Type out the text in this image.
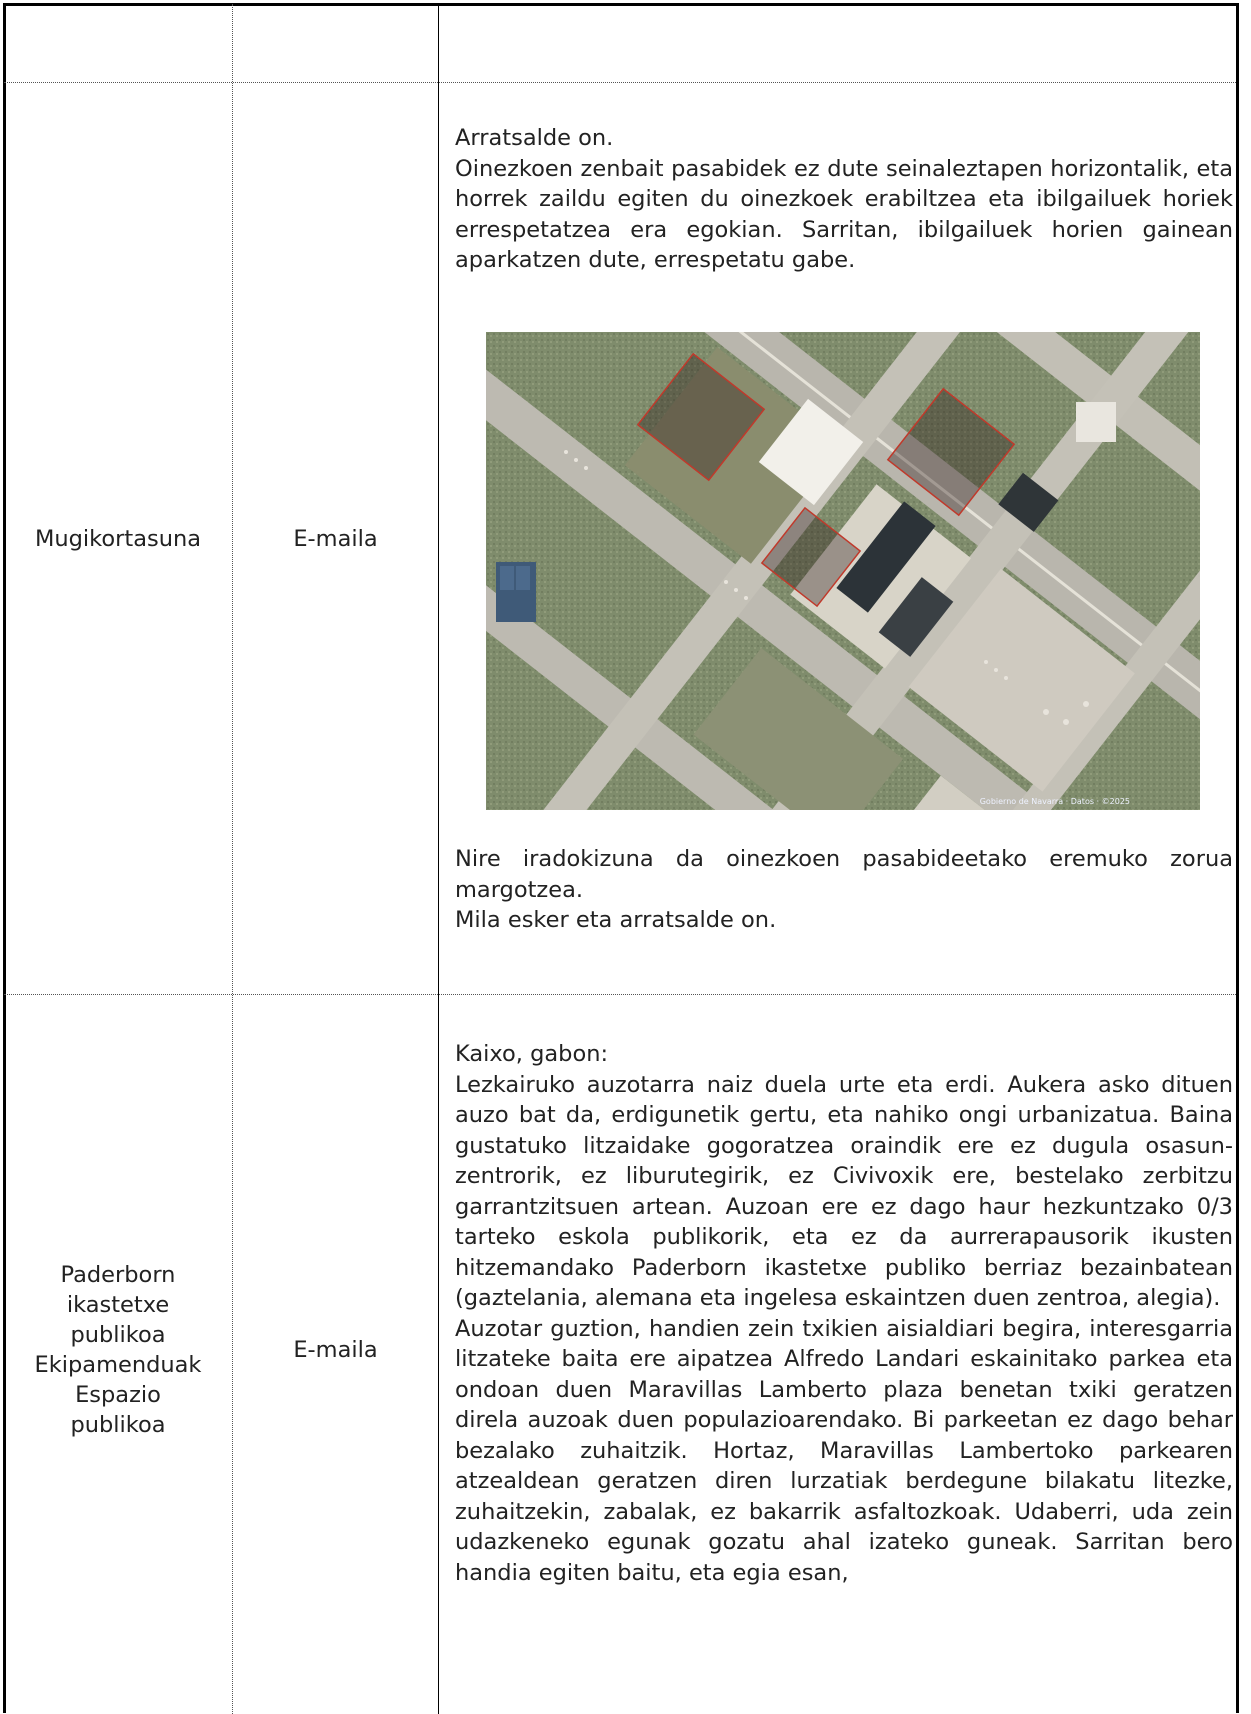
Mugikortasuna	E-maila

Arratsalde on.

Oinezkoen zenbait pasabidek ez dute seinaleztapen horizontalik, eta horrek zaildu egiten du oinezkoek erabiltzea eta ibilgailuek horiek errespetatzea era egokian. Sarritan, ibilgailuek horien gainean aparkatzen dute, errespetatu gabe.

Gobierno de Navarra · Datos · ©2025

Nire iradokizuna da oinezkoen pasabideetako eremuko zorua margotzea.

Mila esker eta arratsalde on.

Paderborn
ikastetxe
publikoa
Ekipamenduak
Espazio
publikoa
E-maila

Kaixo, gabon:

Lezkairuko auzotarra naiz duela urte eta erdi. Aukera asko dituen auzo bat da, erdigunetik gertu, eta nahiko ongi urbanizatua. Baina gustatuko litzaidake gogoratzea oraindik ere ez dugula osasun-zentrorik, ez liburutegirik, ez Civivoxik ere, bestelako zerbitzu garrantzitsuen artean. Auzoan ere ez dago haur hezkuntzako 0/3 tarteko eskola publikorik, eta ez da aurrerapausorik ikusten hitzemandako Paderborn ikastetxe publiko berriaz bezainbatean (gaztelania, alemana eta ingelesa eskaintzen duen zentroa, alegia).

Auzotar guztion, handien zein txikien aisialdiari begira, interesgarria litzateke baita ere aipatzea Alfredo Landari eskainitako parkea eta ondoan duen Maravillas Lamberto plaza benetan txiki geratzen direla auzoak duen populazioarendako. Bi parkeetan ez dago behar bezalako zuhaitzik. Hortaz, Maravillas Lambertoko parkearen atzealdean geratzen diren lurzatiak berdegune bilakatu litezke, zuhaitzekin, zabalak, ez bakarrik asfaltozkoak. Udaberri, uda zein udazkeneko egunak gozatu ahal izateko guneak. Sarritan bero handia egiten baitu, eta egia esan,
